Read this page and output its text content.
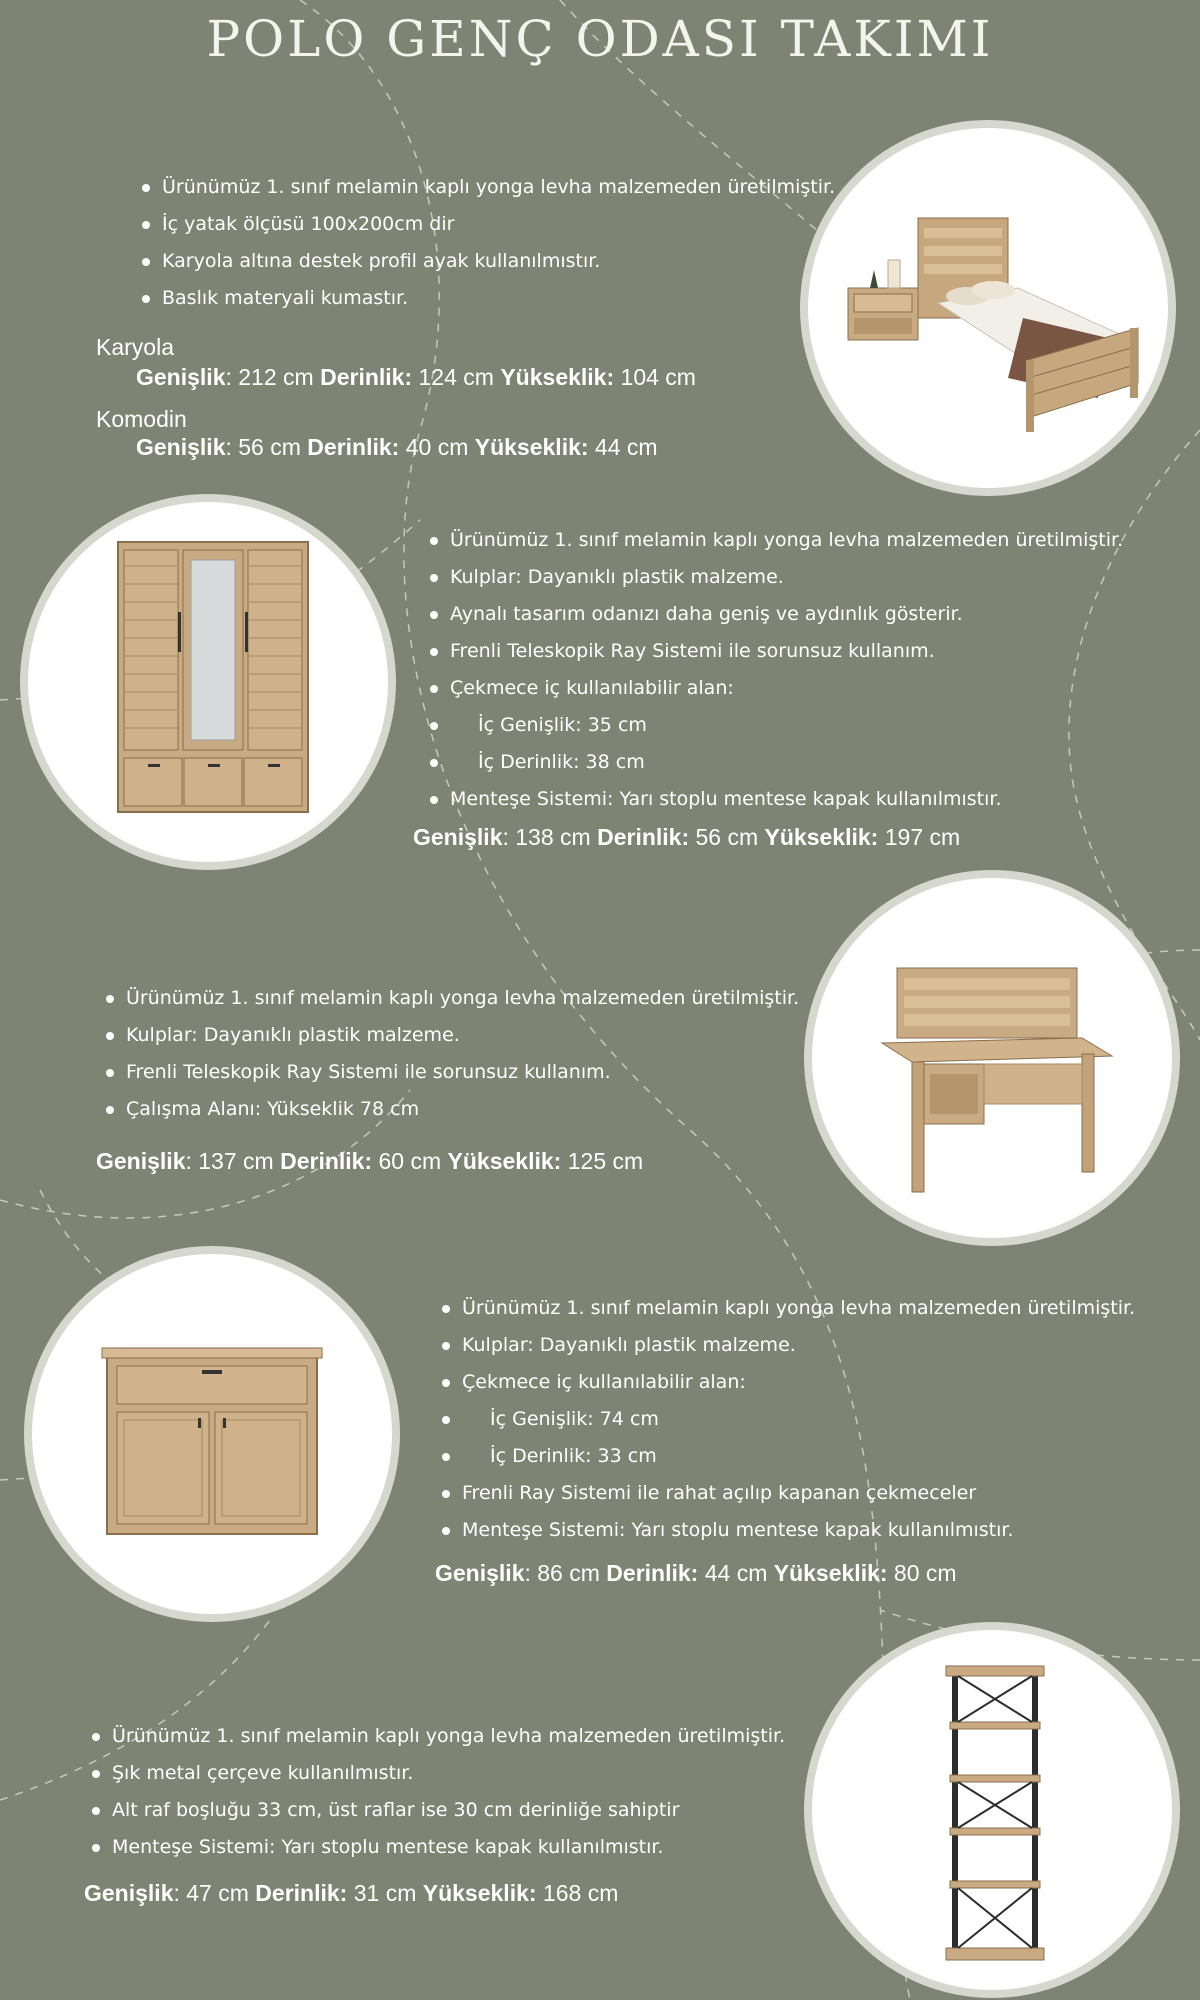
POLO GENÇ ODASI TAKIMI
Ürünümüz 1. sınıf melamin kaplı yonga levha malzemeden üretilmiştir.
İç yatak ölçüsü 100x200cm dir
Karyola altına destek profil ayak kullanılmıstır.
Baslık materyali kumastır.
Karyola
Genişlik: 212 cm Derinlik: 124 cm Yükseklik: 104 cm
Komodin
Genişlik: 56 cm Derinlik: 40 cm Yükseklik: 44 cm
Ürünümüz 1. sınıf melamin kaplı yonga levha malzemeden üretilmiştir.
Kulplar: Dayanıklı plastik malzeme.
Aynalı tasarım odanızı daha geniş ve aydınlık gösterir.
Frenli Teleskopik Ray Sistemi ile sorunsuz kullanım.
Çekmece iç kullanılabilir alan:
İç Genişlik: 35 cm
İç Derinlik: 38 cm
Menteşe Sistemi: Yarı stoplu mentese kapak kullanılmıstır.
Genişlik: 138 cm Derinlik: 56 cm Yükseklik: 197 cm
Ürünümüz 1. sınıf melamin kaplı yonga levha malzemeden üretilmiştir.
Kulplar: Dayanıklı plastik malzeme.
Frenli Teleskopik Ray Sistemi ile sorunsuz kullanım.
Çalışma Alanı: Yükseklik 78 cm
Genişlik: 137 cm Derinlik: 60 cm Yükseklik: 125 cm
Ürünümüz 1. sınıf melamin kaplı yonga levha malzemeden üretilmiştir.
Kulplar: Dayanıklı plastik malzeme.
Çekmece iç kullanılabilir alan:
İç Genişlik: 74 cm
İç Derinlik: 33 cm
Frenli Ray Sistemi ile rahat açılıp kapanan çekmeceler
Menteşe Sistemi: Yarı stoplu mentese kapak kullanılmıstır.
Genişlik: 86 cm Derinlik: 44 cm Yükseklik: 80 cm
Ürünümüz 1. sınıf melamin kaplı yonga levha malzemeden üretilmiştir.
Şık metal çerçeve kullanılmıstır.
Alt raf boşluğu 33 cm, üst raflar ise 30 cm derinliğe sahiptir
Menteşe Sistemi: Yarı stoplu mentese kapak kullanılmıstır.
Genişlik: 47 cm Derinlik: 31 cm Yükseklik: 168 cm
